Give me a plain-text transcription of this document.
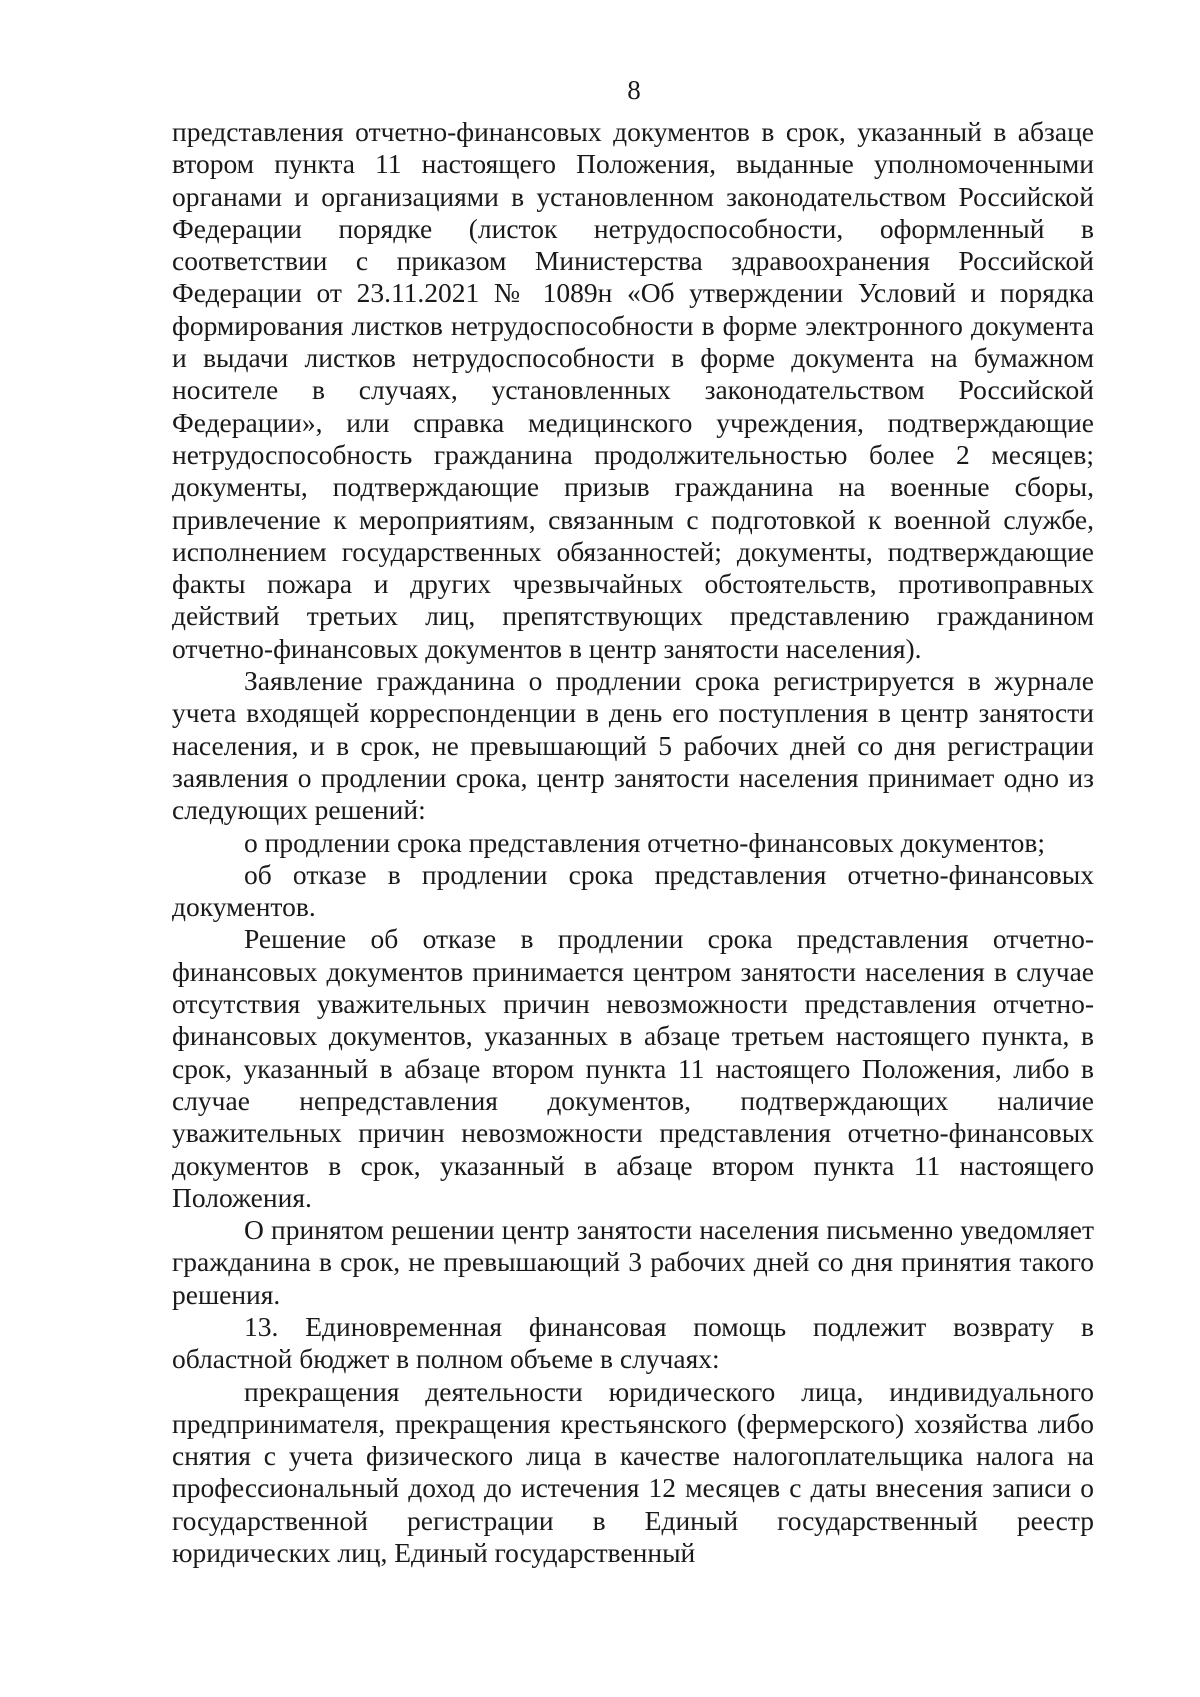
8

представления отчетно-финансовых документов в срок, указанный в абзаце втором пункта 11 настоящего Положения, выданные уполномоченными органами и организациями в установленном законодательством Российской Федерации порядке (листок нетрудоспособности, оформленный в соответствии с приказом Министерства здравоохранения Российской Федерации от 23.11.2021 № 1089н «Об утверждении Условий и порядка формирования листков нетрудоспособности в форме электронного документа и выдачи листков нетрудоспособности в форме документа на бумажном носителе в случаях, установленных законодательством Российской Федерации», или справка медицинского учреждения, подтверждающие нетрудоспособность гражданина продолжительностью более 2 месяцев; документы, подтверждающие призыв гражданина на военные сборы, привлечение к мероприятиям, связанным с подготовкой к военной службе, исполнением государственных обязанностей; документы, подтверждающие факты пожара и других чрезвычайных обстоятельств, противоправных действий третьих лиц, препятствующих представлению гражданином отчетно-финансовых документов в центр занятости населения).

Заявление гражданина о продлении срока регистрируется в журнале учета входящей корреспонденции в день его поступления в центр занятости населения, и в срок, не превышающий 5 рабочих дней со дня регистрации заявления о продлении срока, центр занятости населения принимает одно из следующих решений:

о продлении срока представления отчетно-финансовых документов;

об отказе в продлении срока представления отчетно-финансовых документов.

Решение об отказе в продлении срока представления отчетно-финансовых документов принимается центром занятости населения в случае отсутствия уважительных причин невозможности представления отчетно-финансовых документов, указанных в абзаце третьем настоящего пункта, в срок, указанный в абзаце втором пункта 11 настоящего Положения, либо в случае непредставления документов, подтверждающих наличие уважительных причин невозможности представления отчетно-финансовых документов в срок, указанный в абзаце втором пункта 11 настоящего Положения.

О принятом решении центр занятости населения письменно уведомляет гражданина в срок, не превышающий 3 рабочих дней со дня принятия такого решения.

13. Единовременная финансовая помощь подлежит возврату в областной бюджет в полном объеме в случаях:

прекращения деятельности юридического лица, индивидуального предпринимателя, прекращения крестьянского (фермерского) хозяйства либо снятия с учета физического лица в качестве налогоплательщика налога на профессиональный доход до истечения 12 месяцев с даты внесения записи о государственной регистрации в Единый государственный реестр юридических лиц, Единый государственный
